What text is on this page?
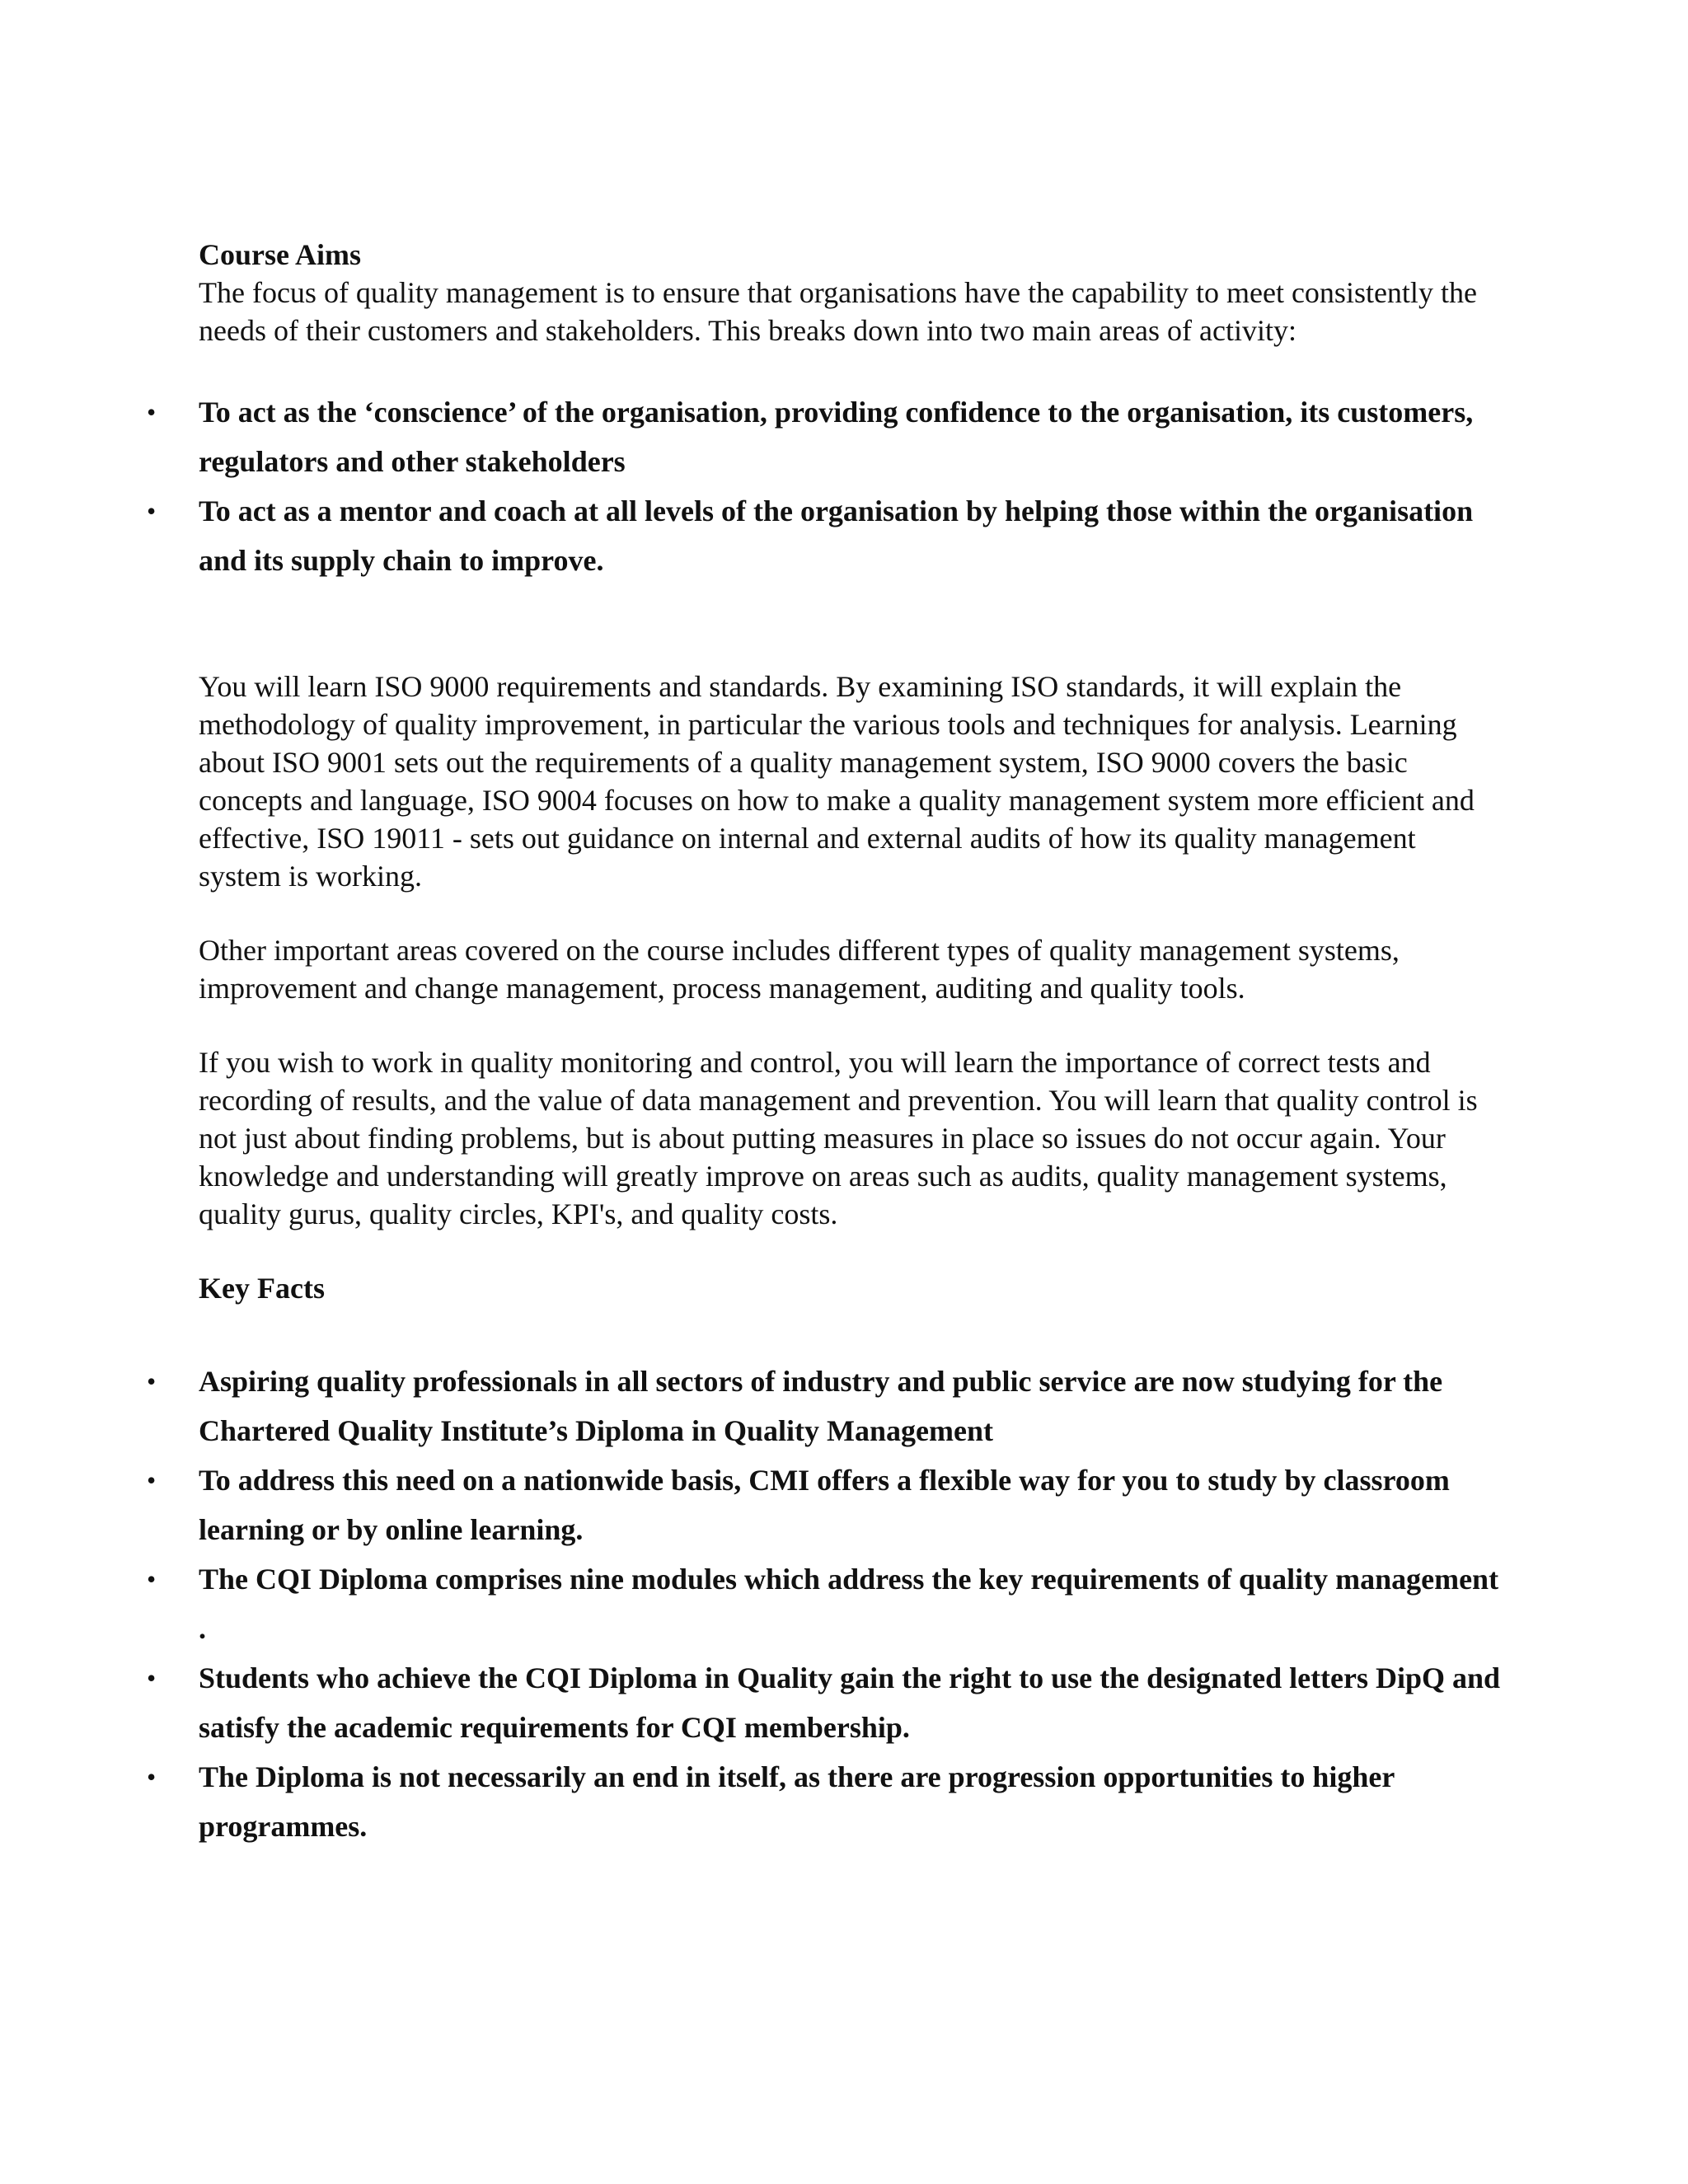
Course Aims

The focus of quality management is to ensure that organisations have the capability to meet consistently the needs of their customers and stakeholders. This breaks down into two main areas of activity:

• To act as the ‘conscience’ of the organisation, providing confidence to the organisation, its customers, regulators and other stakeholders
• To act as a mentor and coach at all levels of the organisation by helping those within the organisation and its supply chain to improve.

You will learn ISO 9000 requirements and standards. By examining ISO standards, it will explain the methodology of quality improvement, in particular the various tools and techniques for analysis. Learning about ISO 9001 sets out the requirements of a quality management system, ISO 9000 covers the basic concepts and language, ISO 9004 focuses on how to make a quality management system more efficient and effective, ISO 19011 - sets out guidance on internal and external audits of how its quality management system is working.

Other important areas covered on the course includes different types of quality management systems, improvement and change management, process management, auditing and quality tools.

If you wish to work in quality monitoring and control, you will learn the importance of correct tests and recording of results, and the value of data management and prevention. You will learn that quality control is not just about finding problems, but is about putting measures in place so issues do not occur again. Your knowledge and understanding will greatly improve on areas such as audits, quality management systems, quality gurus, quality circles, KPI's, and quality costs.

Key Facts
• Aspiring quality professionals in all sectors of industry and public service are now studying for the Chartered Quality Institute’s Diploma in Quality Management
• To address this need on a nationwide basis, CMI offers a flexible way for you to study by classroom learning or by online learning.
• The CQI Diploma comprises nine modules which address the key requirements of quality management .
• Students who achieve the CQI Diploma in Quality gain the right to use the designated letters DipQ and satisfy the academic requirements for CQI membership.
• The Diploma is not necessarily an end in itself, as there are progression opportunities to higher programmes.
